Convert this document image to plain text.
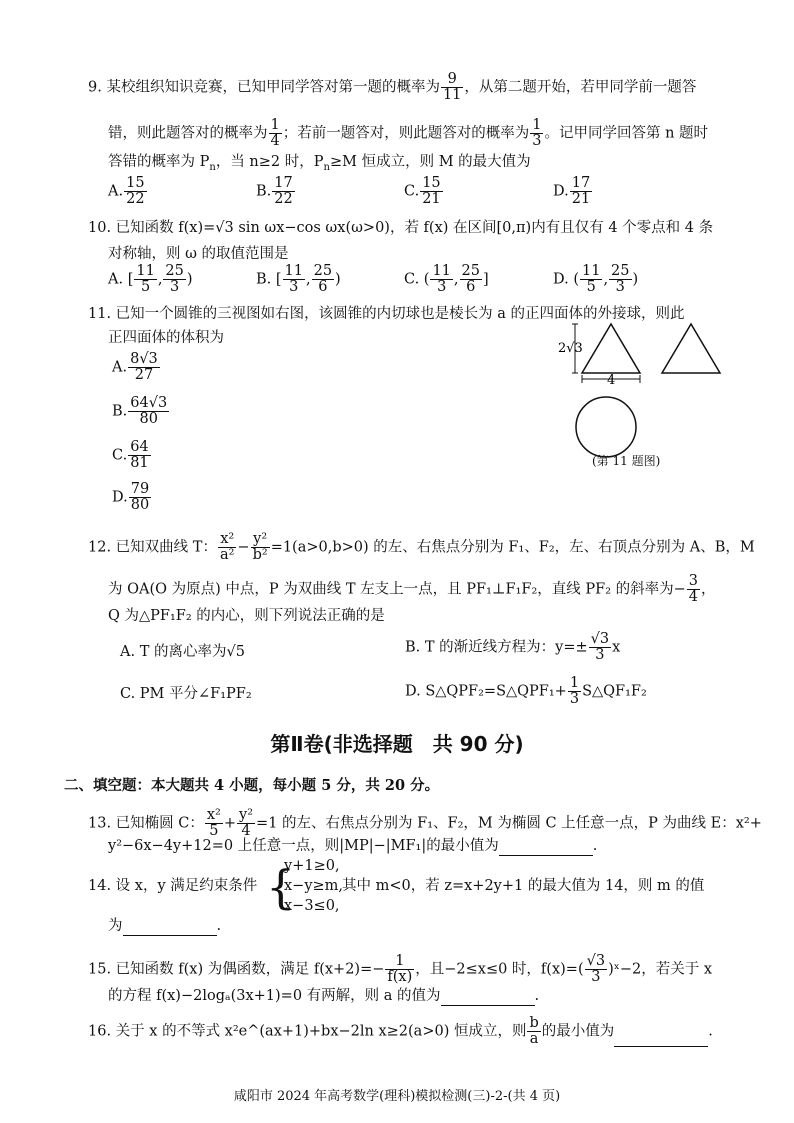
9. 某校组织知识竞赛，已知甲同学答对第一题的概率为 $\frac{9}{11}$ ，从第二题开始，若甲同学前一题答
错，则此题答对的概率为 $\frac{1}{4}$ ；若前一题答对，则此题答对的概率为 $\frac{1}{3}$ 。记甲同学回答第 n 题时
答错的概率为 $P_n$，当 n≥2 时，$P_n\ge M$ 恒成立，则 M 的最大值为
A. $\frac{15}{22}$	B. $\frac{17}{22}$	C. $\frac{15}{21}$	D. $\frac{17}{21}$
10. 已知函数 f(x)=√3 sin ωx−cos ωx(ω>0)，若 f(x) 在区间[0,π)内有且仅有 4 个零点和 4 条
对称轴，则 ω 的取值范围是
A. [ $\frac{11}{5}$ , $\frac{25}{3}$ )	B. [ $\frac{11}{3}$ , $\frac{25}{6}$ )	C. ( $\frac{11}{3}$ , $\frac{25}{6}$ ]	D. ( $\frac{11}{5}$ , $\frac{25}{3}$ )
11. 已知一个圆锥的三视图如右图，该圆锥的内切球也是棱长为 a 的正四面体的外接球，则此
正四面体的体积为
A. $\frac{8√3}{27}$
B. $\frac{64√3}{80}$
C. $\frac{64}{81}$
D. $\frac{79}{80}$
2√3
4
(第 11 题图)
12. 已知双曲线 T： $\frac{\text{x²}}{\text{a²}} - \frac{\text{y²}}{\text{b²}} =1(a>0,b>0)$ 的左、右焦点分别为 F₁、F₂，左、右顶点分别为 A、B，M
为 OA(O 为原点) 中点，P 为双曲线 T 左支上一点，且 PF₁⊥F₁F₂，直线 PF₂ 的斜率为− $\frac{3}{4}$ ，
Q 为△PF₁F₂ 的内心，则下列说法正确的是
A. T 的离心率为√5	B. T 的渐近线方程为：$y=\pm \frac{√3}{3}$ x
C. PM 平分∠F₁PF₂	D. S△QPF₂=S△QPF₁+ $\frac{1}{3}$ S△QF₁F₂
第Ⅱ卷(非选择题　共 90 分)
二、填空题：本大题共 4 小题，每小题 5 分，共 20 分。
13. 已知椭圆 C： $\frac{\text{x²}}{5} + \frac{\text{y²}}{4} =1$ 的左、右焦点分别为 F₁、F₂，M 为椭圆 C 上任意一点，P 为曲线 E：x²+
y²−6x−4y+12=0 上任意一点，则|MP|−|MF₁|的最小值为	.
14. 设 x，y 满足约束条件 {
y+1≥0,
x−y≥m,
x−3≤0,
其中 m<0，若 z=x+2y+1 的最大值为 14，则 m 的值
为	.
15. 已知函数 f(x) 为偶函数，满足 $f(x+2)=- \frac{1}{f(x)}$ ，且−2≤x≤0 时，$f(x)=( \frac{√3}{3}$ )ˣ−2，若关于 x
的方程 f(x)−2logₐ(3x+1)=0 有两解，则 a 的值为	.
16. 关于 x 的不等式 x²e^(ax+1)+bx−2ln x≥2(a>0) 恒成立，则 $\frac{b}{a}$ 的最小值为	.
咸阳市 2024 年高考数学(理科)模拟检测(三)-2-(共 4 页)
